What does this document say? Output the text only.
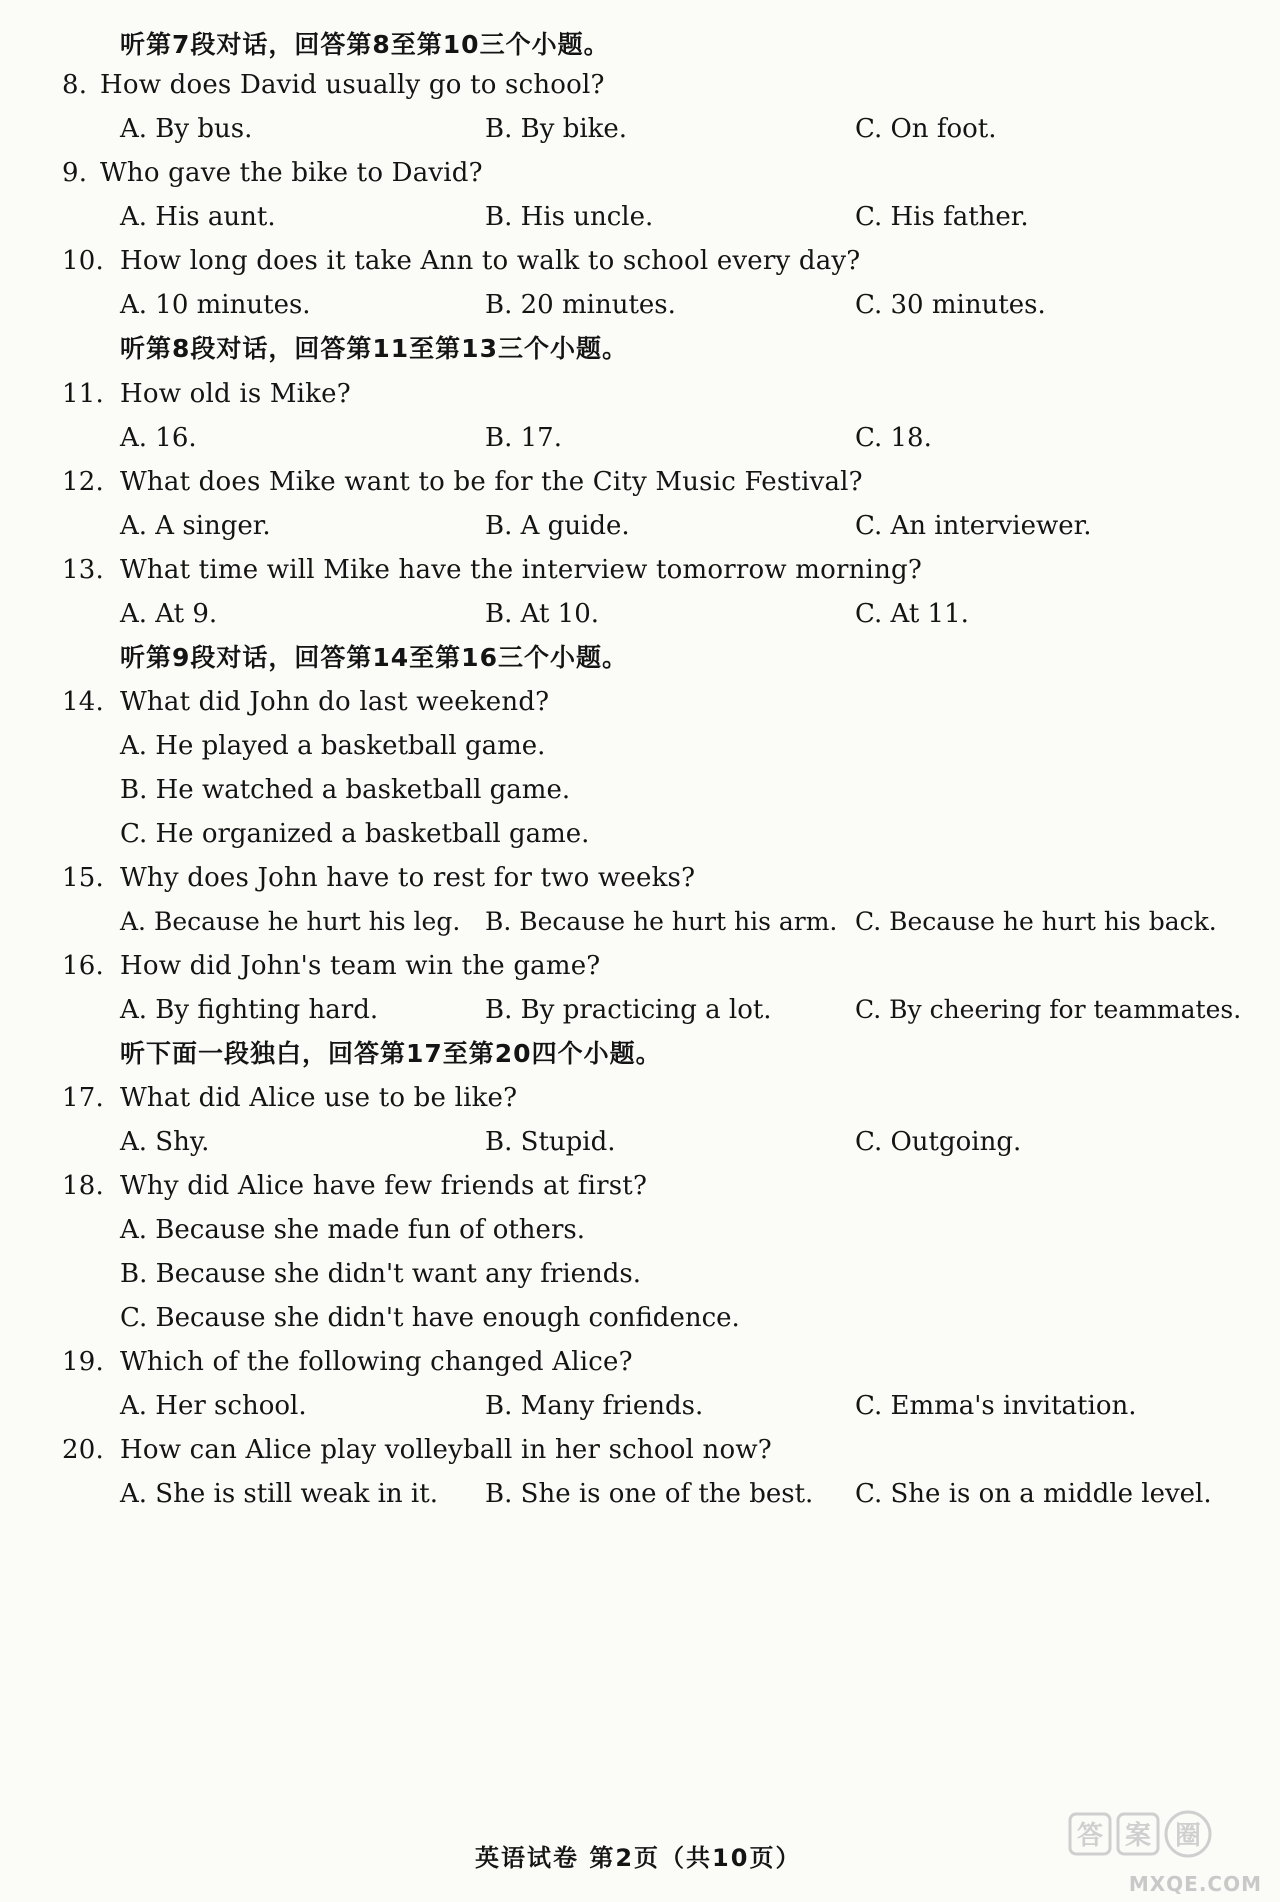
听第7段对话，回答第8至第10三个小题。
8. How does David usually go to school?
A. By bus.	B. By bike.	C. On foot.
9. Who gave the bike to David?
A. His aunt.	B. His uncle.	C. His father.
10. How long does it take Ann to walk to school every day?
A. 10 minutes.	B. 20 minutes.	C. 30 minutes.
听第8段对话，回答第11至第13三个小题。
11. How old is Mike?
A. 16.	B. 17.	C. 18.
12. What does Mike want to be for the City Music Festival?
A. A singer.	B. A guide.	C. An interviewer.
13. What time will Mike have the interview tomorrow morning?
A. At 9.	B. At 10.	C. At 11.
听第9段对话，回答第14至第16三个小题。
14. What did John do last weekend?
A. He played a basketball game.
B. He watched a basketball game.
C. He organized a basketball game.
15. Why does John have to rest for two weeks?
A. Because he hurt his leg. B. Because he hurt his arm. C. Because he hurt his back.
16. How did John's team win the game?
A. By fighting hard.	B. By practicing a lot.	C. By cheering for teammates.
听下面一段独白，回答第17至第20四个小题。
17. What did Alice use to be like?
A. Shy.	B. Stupid.	C. Outgoing.
18. Why did Alice have few friends at first?
A. Because she made fun of others.
B. Because she didn't want any friends.
C. Because she didn't have enough confidence.
19. Which of the following changed Alice?
A. Her school.	B. Many friends.	C. Emma's invitation.
20. How can Alice play volleyball in her school now?
A. She is still weak in it. B. She is one of the best. C. She is on a middle level.
英语试卷 第2页（共10页）
答 案 圈
MXQE.COM
